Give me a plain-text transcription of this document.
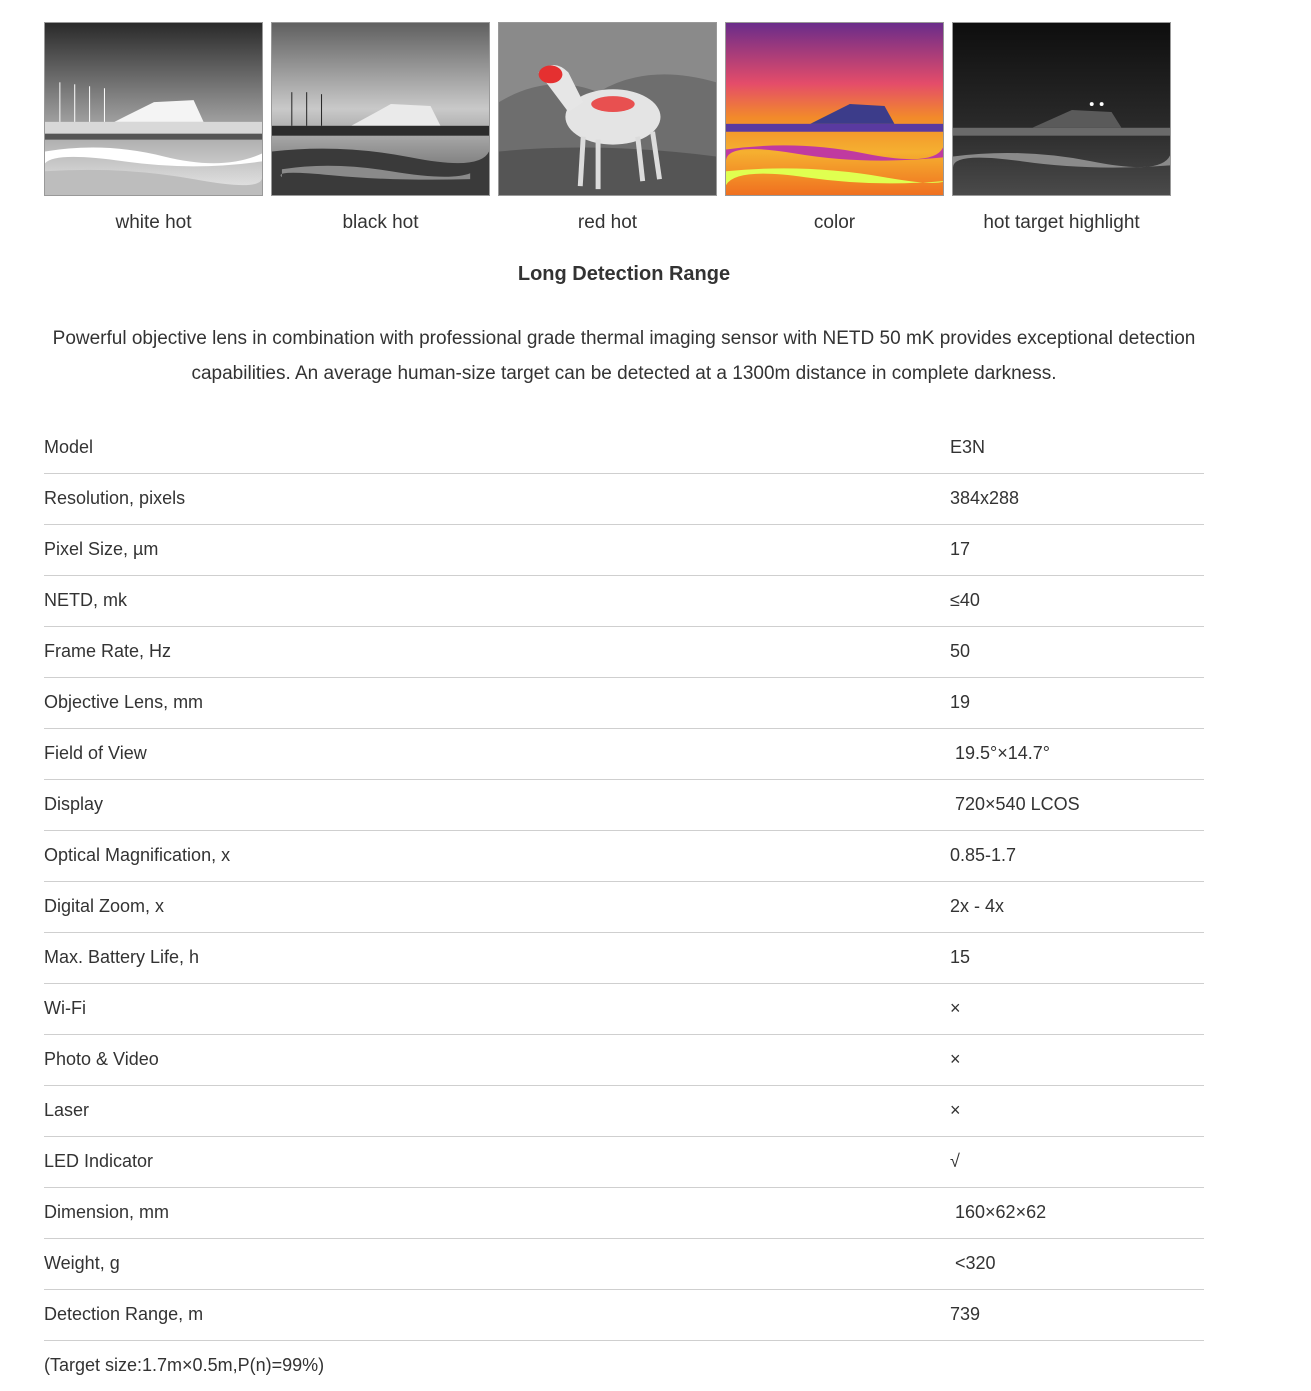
white hot	black hot	red hot	color	hot target highlight
Long Detection Range
Powerful objective lens in combination with professional grade thermal imaging sensor with NETD 50 mK provides exceptional detection capabilities. An average human-size target can be detected at a 1300m distance in complete darkness.
Model	E3N
Resolution, pixels	384x288
Pixel Size, µm	17
NETD, mk	≤40
Frame Rate, Hz	50
Objective Lens, mm	19
Field of View	19.5°×14.7°
Display	720×540 LCOS
Optical Magnification, x	0.85-1.7
Digital Zoom, x	2x - 4x
Max. Battery Life, h	15
Wi-Fi	×
Photo & Video	×
Laser	×
LED Indicator	√
Dimension, mm	160×62×62
Weight, g	<320
Detection Range, m	739
(Target size:1.7m×0.5m,P(n)=99%)
